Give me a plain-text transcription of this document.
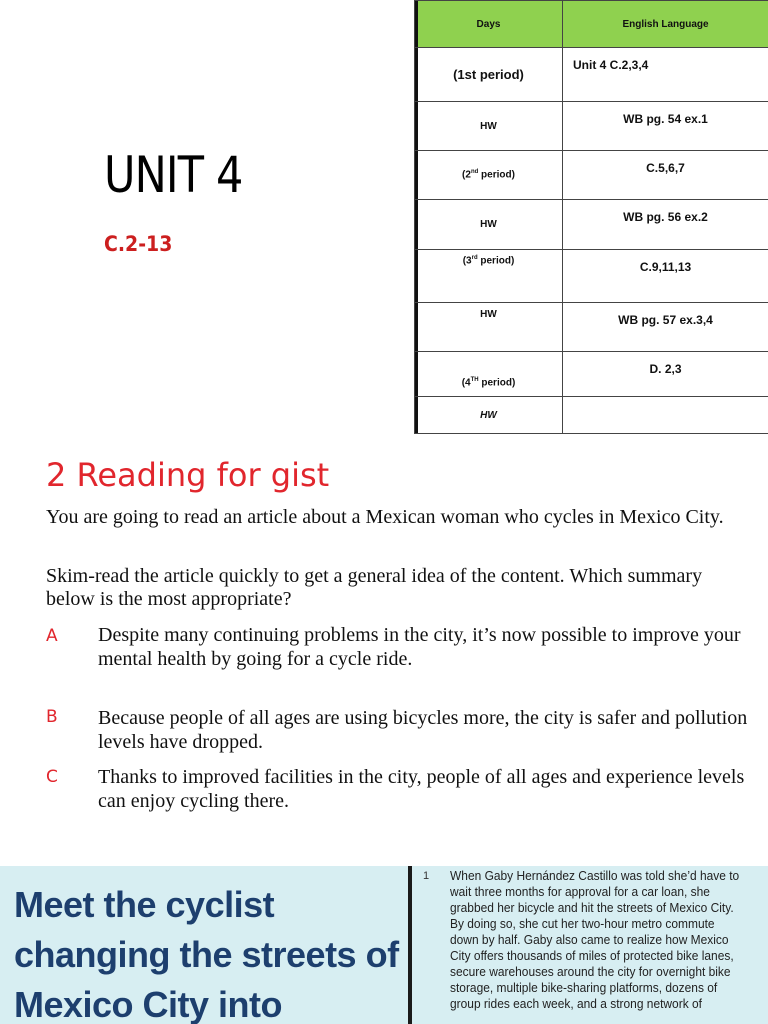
UNIT 4
C.2-13
Days	English Language

(1st period)	Unit 4 C.2,3,4

HW	WB pg. 54 ex.1

(2nd period)	C.5,6,7

HW	WB pg. 56 ex.2

(3rd period)	C.9,11,13

HW	WB pg. 57 ex.3,4

(4TH period)	D. 2,3

HW	
2 Reading for gist

You are going to read an article about a Mexican woman who cycles in Mexico City.

Skim-read the article quickly to get a general idea of the content. Which summary below is the most appropriate?

A Despite many continuing problems in the city, it’s now possible to improve your mental health by going for a cycle ride.

B Because people of all ages are using bicycles more, the city is safer and pollution levels have dropped.

C Thanks to improved facilities in the city, people of all ages and experience levels can enjoy cycling there.

Meet the cyclist changing the streets of Mexico City into

1 When Gaby Hernández Castillo was told she’d have to wait three months for approval for a car loan, she grabbed her bicycle and hit the streets of Mexico City. By doing so, she cut her two-hour metro commute down by half. Gaby also came to realize how Mexico City offers thousands of miles of protected bike lanes, secure warehouses around the city for overnight bike storage, multiple bike-sharing platforms, dozens of group rides each week, and a strong network of
